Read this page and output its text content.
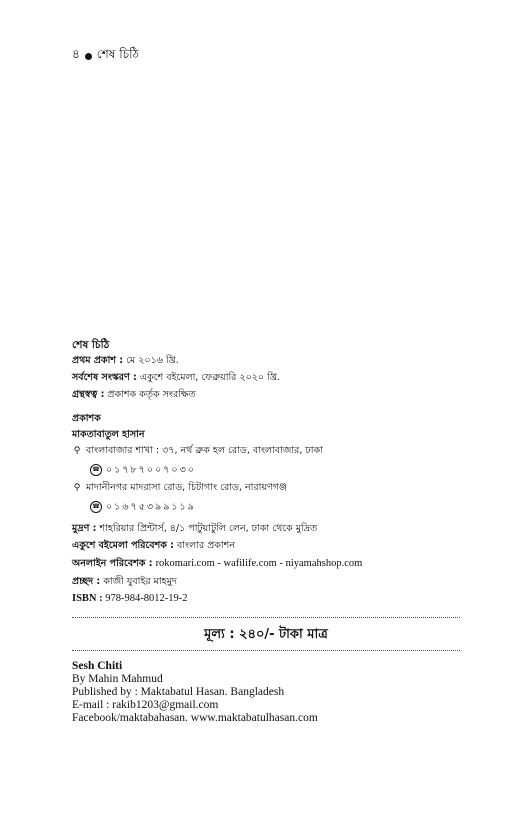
৪ শেষ চিঠি
শেষ চিঠি
প্রথম প্রকাশ : মে ২০১৬ খ্রি.
সর্বশেষ সংস্করণ : একুশে বইমেলা, ফেব্রুয়ারি ২০২০ খ্রি.
গ্রন্থস্বত্ব : প্রকাশক কর্তৃক সংরক্ষিত
প্রকাশক
মাকতাবাতুল হাসান
⚲ বাংলাবাজার শাখা : ৩৭, নর্থ ব্রুক হল রোড, বাংলাবাজার, ঢাকা
☎ ০১৭৮৭০০৭০৩০
⚲ মাদানীনগর মাদরাসা রোড, চিটাগাং রোড, নারায়ণগঞ্জ
☎ ০১৬৭৫৩৯৯১১৯
মুদ্রণ : শাহরিয়ার প্রিন্টার্স, ৪/১ পাটুয়াটুলি লেন, ঢাকা থেকে মুদ্রিত
একুশে বইমেলা পরিবেশক : বাংলার প্রকাশন
অনলাইন পরিবেশক : rokomari.com - wafilife.com - niyamahshop.com
প্রচ্ছদ : কাজী যুবাইর মাহমুদ
ISBN : 978-984-8012-19-2
মূল্য : ২৪০/- টাকা মাত্র
Sesh Chiti
By Mahin Mahmud
Published by : Maktabatul Hasan. Bangladesh
E-mail : rakib1203@gmail.com
Facebook/maktabahasan. www.maktabatulhasan.com
